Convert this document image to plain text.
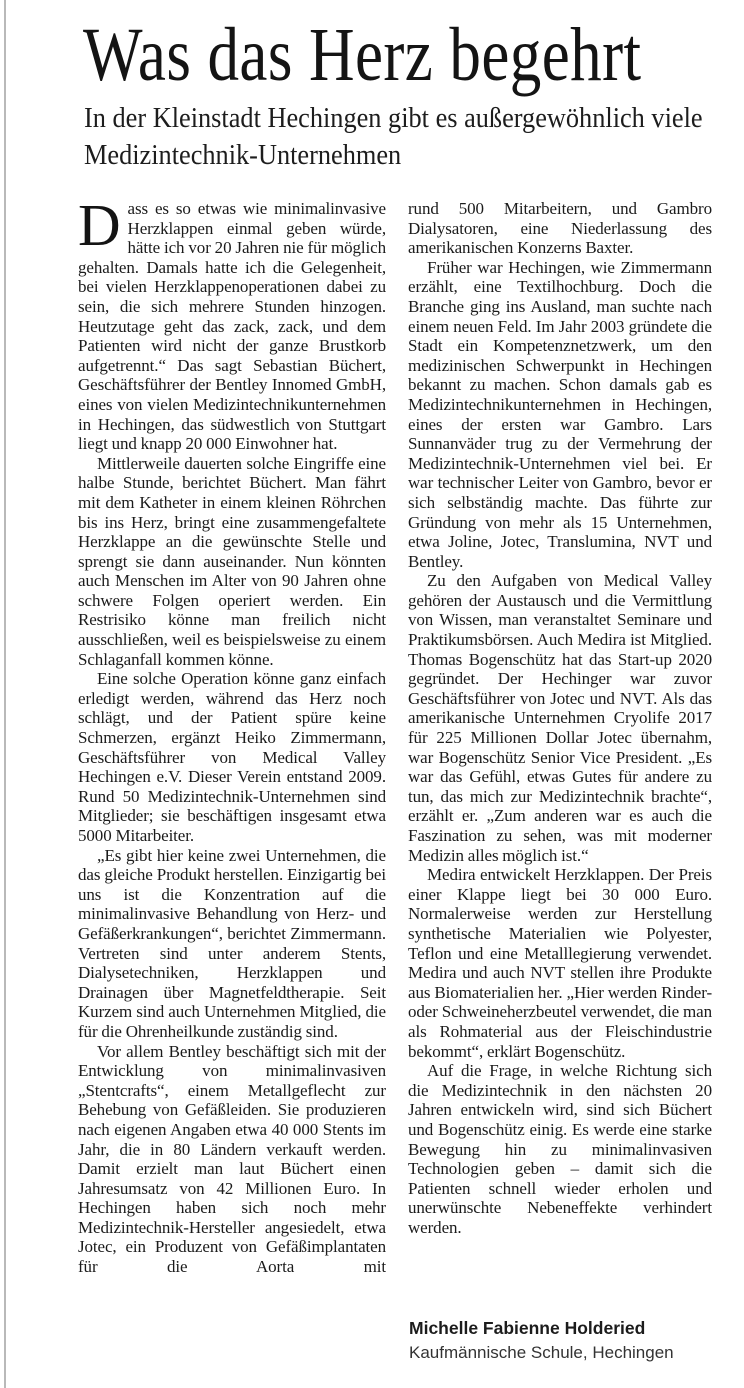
Was das Herz begehrt
In der Kleinstadt Hechingen gibt es außergewöhnlich viele Medizintechnik-Unternehmen

Dass es so etwas wie minimalinvasive Herzklappen einmal geben würde, hätte ich vor 20 Jahren nie für möglich gehalten. Damals hatte ich die Gelegenheit, bei vielen Herzklappenoperationen dabei zu sein, die sich mehrere Stunden hinzogen. Heutzutage geht das zack, zack, und dem Patienten wird nicht der ganze Brustkorb aufgetrennt.“ Das sagt Sebastian Büchert, Geschäftsführer der Bentley Innomed GmbH, eines von vielen Medizintechnikunternehmen in Hechingen, das südwestlich von Stuttgart liegt und knapp 20 000 Einwohner hat.

Mittlerweile dauerten solche Eingriffe eine halbe Stunde, berichtet Büchert. Man fährt mit dem Katheter in einem kleinen Röhrchen bis ins Herz, bringt eine zusammengefaltete Herzklappe an die gewünschte Stelle und sprengt sie dann auseinander. Nun könnten auch Menschen im Alter von 90 Jahren ohne schwere Folgen operiert werden. Ein Restrisiko könne man freilich nicht ausschließen, weil es beispielsweise zu einem Schlaganfall kommen könne.

Eine solche Operation könne ganz einfach erledigt werden, während das Herz noch schlägt, und der Patient spüre keine Schmerzen, ergänzt Heiko Zimmermann, Geschäftsführer von Medical Valley Hechingen e.V. Dieser Verein entstand 2009. Rund 50 Medizintechnik-Unternehmen sind Mitglieder; sie beschäftigen insgesamt etwa 5000 Mitarbeiter.

„Es gibt hier keine zwei Unternehmen, die das gleiche Produkt herstellen. Einzigartig bei uns ist die Konzentration auf die minimalinvasive Behandlung von Herz- und Gefäßerkrankungen“, berichtet Zimmermann. Vertreten sind unter anderem Stents, Dialysetechniken, Herzklappen und Drainagen über Magnetfeldtherapie. Seit Kurzem sind auch Unternehmen Mitglied, die für die Ohrenheilkunde zuständig sind.

Vor allem Bentley beschäftigt sich mit der Entwicklung von minimalinvasiven „Stentcrafts“, einem Metallgeflecht zur Behebung von Gefäßleiden. Sie produzieren nach eigenen Angaben etwa 40 000 Stents im Jahr, die in 80 Ländern verkauft werden. Damit erzielt man laut Büchert einen Jahresumsatz von 42 Millionen Euro. In Hechingen haben sich noch mehr Medizintechnik-Hersteller angesiedelt, etwa Jotec, ein Produzent von Gefäßimplantaten für die Aorta mit

rund 500 Mitarbeitern, und Gambro Dialysatoren, eine Niederlassung des amerikanischen Konzerns Baxter.

Früher war Hechingen, wie Zimmermann erzählt, eine Textilhochburg. Doch die Branche ging ins Ausland, man suchte nach einem neuen Feld. Im Jahr 2003 gründete die Stadt ein Kompetenznetzwerk, um den medizinischen Schwerpunkt in Hechingen bekannt zu machen. Schon damals gab es Medizintechnikunternehmen in Hechingen, eines der ersten war Gambro. Lars Sunnanväder trug zu der Vermehrung der Medizintechnik-Unternehmen viel bei. Er war technischer Leiter von Gambro, bevor er sich selbständig machte. Das führte zur Gründung von mehr als 15 Unternehmen, etwa Joline, Jotec, Translumina, NVT und Bentley.

Zu den Aufgaben von Medical Valley gehören der Austausch und die Vermittlung von Wissen, man veranstaltet Seminare und Praktikumsbörsen. Auch Medira ist Mitglied. Thomas Bogenschütz hat das Start-up 2020 gegründet. Der Hechinger war zuvor Geschäftsführer von Jotec und NVT. Als das amerikanische Unternehmen Cryolife 2017 für 225 Millionen Dollar Jotec übernahm, war Bogenschütz Senior Vice President. „Es war das Gefühl, etwas Gutes für andere zu tun, das mich zur Medizintechnik brachte“, erzählt er. „Zum anderen war es auch die Faszination zu sehen, was mit moderner Medizin alles möglich ist.“

Medira entwickelt Herzklappen. Der Preis einer Klappe liegt bei 30 000 Euro. Normalerweise werden zur Herstellung synthetische Materialien wie Polyester, Teflon und eine Metalllegierung verwendet. Medira und auch NVT stellen ihre Produkte aus Biomaterialien her. „Hier werden Rinder- oder Schweineherzbeutel verwendet, die man als Rohmaterial aus der Fleischindustrie bekommt“, erklärt Bogenschütz.

Auf die Frage, in welche Richtung sich die Medizintechnik in den nächsten 20 Jahren entwickeln wird, sind sich Büchert und Bogenschütz einig. Es werde eine starke Bewegung hin zu minimalinvasiven Technologien geben – damit sich die Patienten schnell wieder erholen und unerwünschte Nebeneffekte verhindert werden.

Michelle Fabienne Holderied
Kaufmännische Schule, Hechingen
